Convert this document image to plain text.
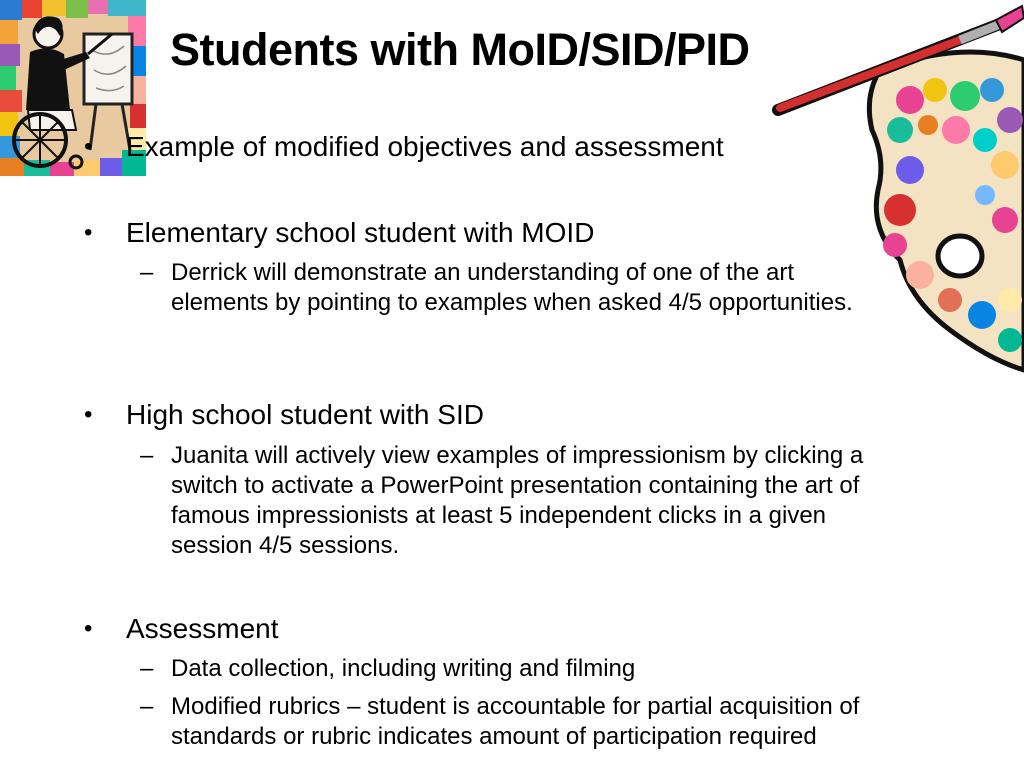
Students with MoID/SID/PID
•	Example of modified objectives and assessment
•	Elementary school student with MOID
– Derrick will demonstrate an understanding of one of the art elements by pointing to examples when asked 4/5 opportunities.
•	High school student with SID
– Juanita will actively view examples of impressionism by clicking a switch to activate a PowerPoint presentation containing the art of famous impressionists at least 5 independent clicks in a given session 4/5 sessions.
•	Assessment
– Data collection, including writing and filming
– Modified rubrics – student is accountable for partial acquisition of standards or rubric indicates amount of participation required
